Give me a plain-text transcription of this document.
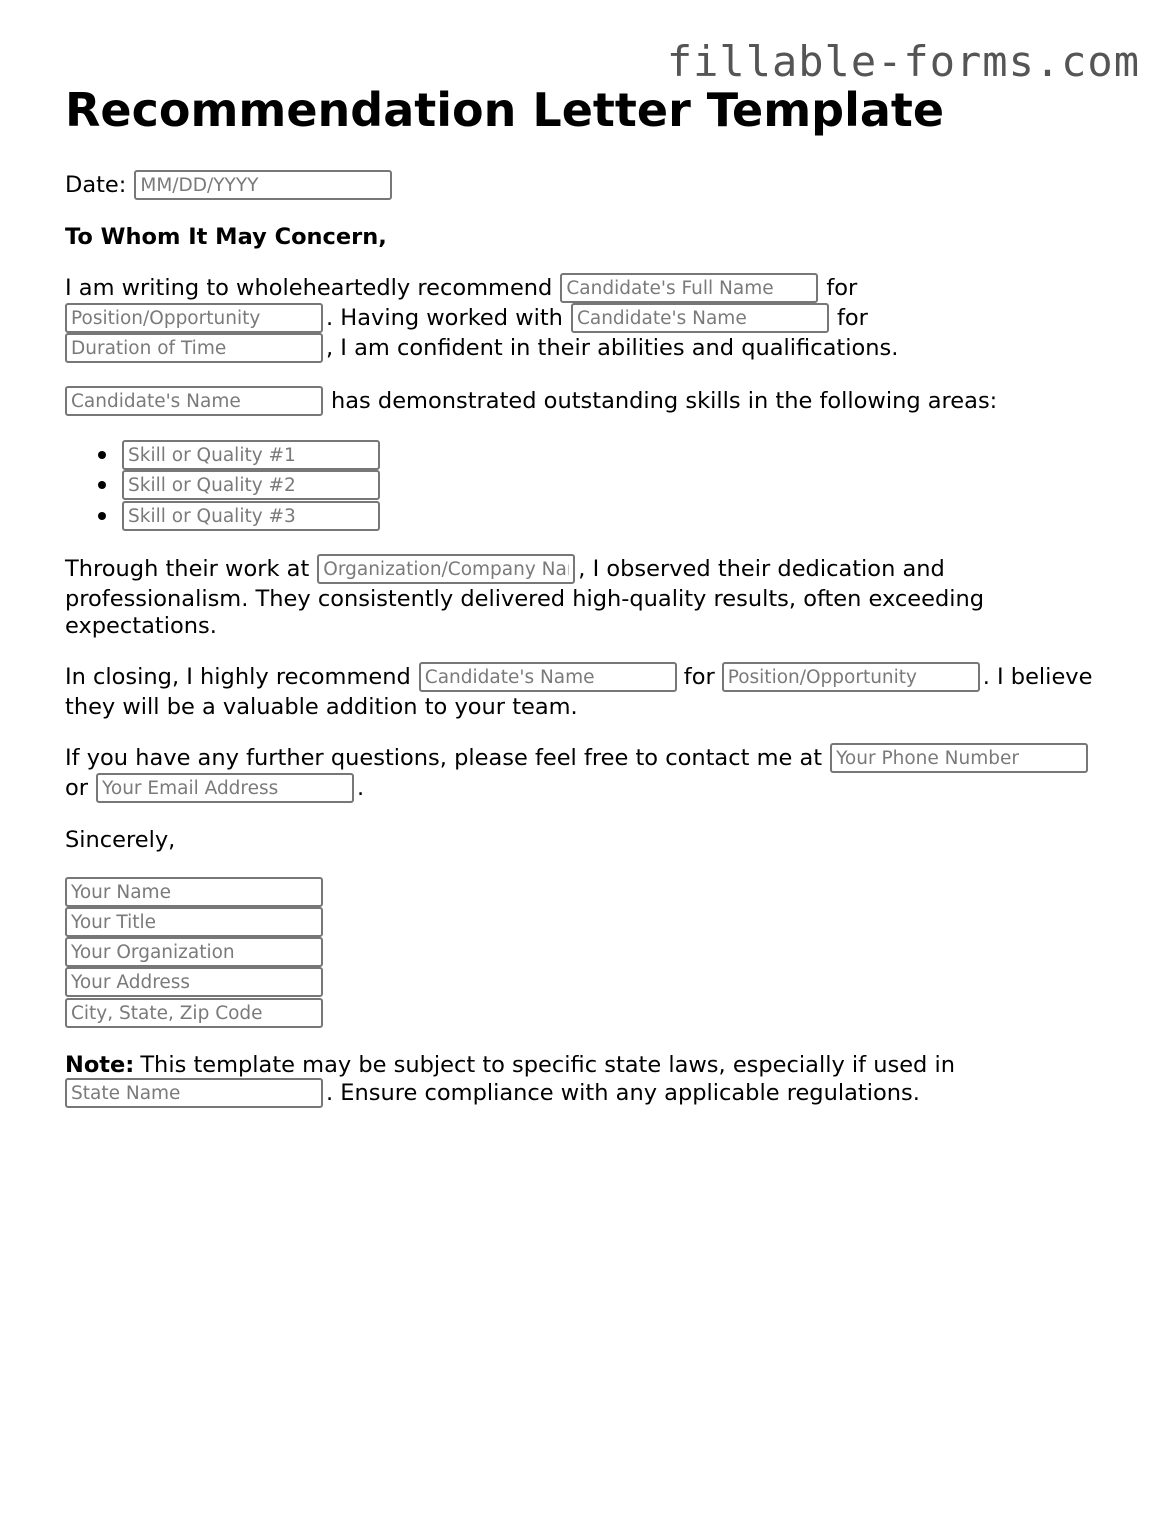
fillable-forms.com
Recommendation Letter Template
Date:
MM/DD/YYYY
To Whom It May Concern,
I am writing to wholeheartedly recommend
Candidate's Full Name	for
Position/Opportunity
. Having worked with
Candidate's Name	for
Duration of Time
, I am confident in their abilities and qualifications.
Candidate's Name
has demonstrated outstanding skills in the following areas:
Skill or Quality #1
Skill or Quality #2
Skill or Quality #3
Through their work at
Organization/Company Name	, I observed their dedication and
professionalism. They consistently delivered high-quality results, often exceeding
expectations.
In closing, I highly recommend
Candidate's Name	for
Position/Opportunity	. I believe
they will be a valuable addition to your team.
If you have any further questions, please feel free to contact me at
Your Phone Number
or
Your Email Address	.
Sincerely,
Your Name
Your Title
Your Organization
Your Address
City, State, Zip Code
Note: This template may be subject to specific state laws, especially if used in
State Name
. Ensure compliance with any applicable regulations.
